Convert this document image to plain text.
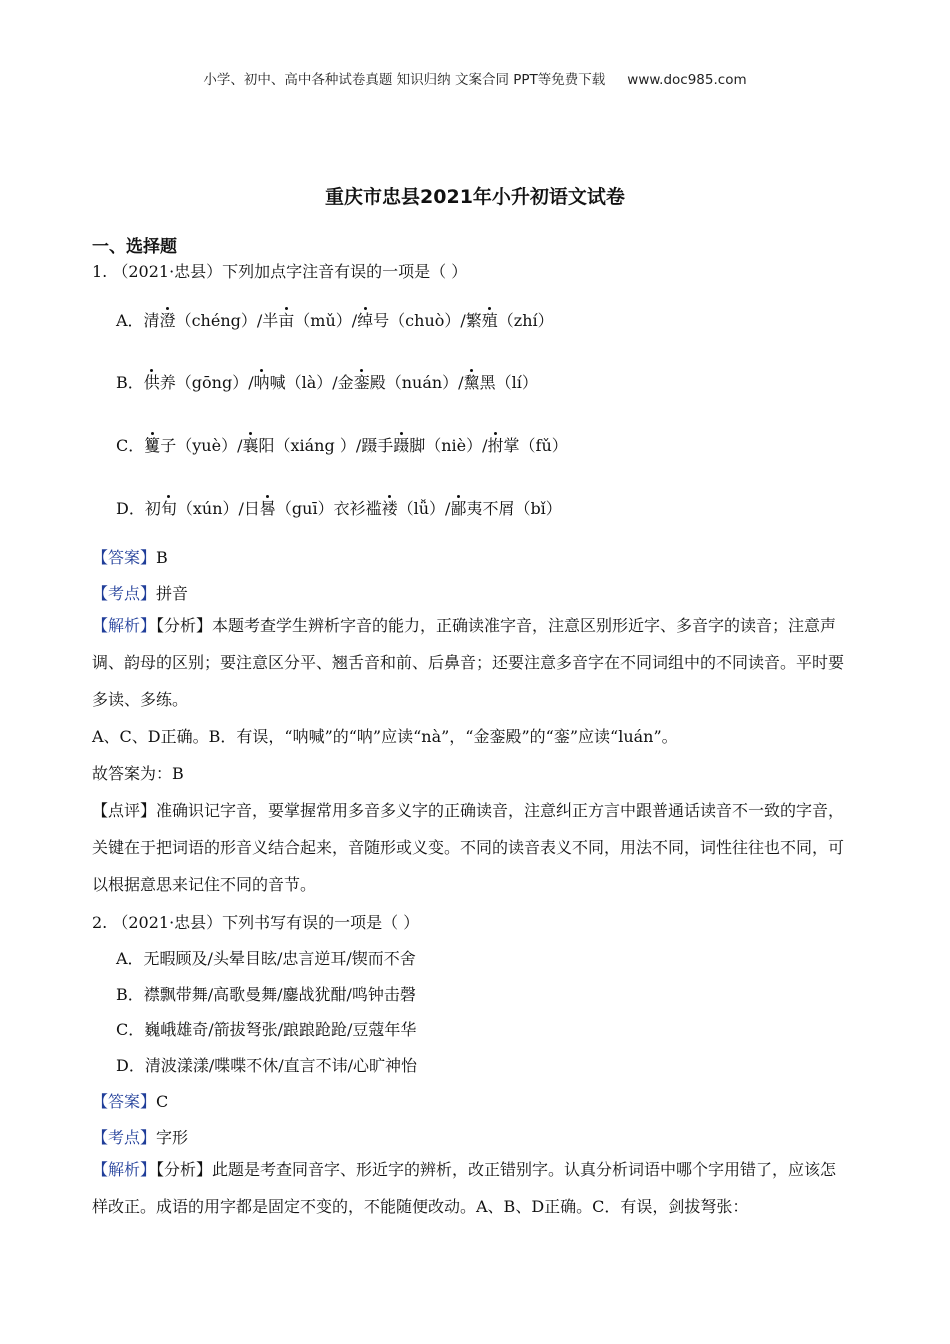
小学、初中、高中各种试卷真题 知识归纳 文案合同 PPT等免费下载 www.doc985.com
重庆市忠县2021年小升初语文试卷
一、选择题
1. （2021·忠县）下列加点字注音有误的一项是（ ）
A．清澄（chéng）/半亩（mǔ）/绰号（chuò）/繁殖（zhí）
B．供养（gōng）/呐喊（là）/金銮殿（nuán）/黧黑（lí）
C．籰子（yuè）/襄阳（xiáng ）/蹑手蹑脚（niè）/拊掌（fǔ）
D．初旬（xún）/日晷（guī）衣衫褴褛（lǚ）/鄙夷不屑（bǐ）
【答案】B
【考点】拼音
【解析】【分析】本题考查学生辨析字音的能力，正确读准字音，注意区别形近字、多音字的读音；注意声调、韵母的区别；要注意区分平、翘舌音和前、后鼻音；还要注意多音字在不同词组中的不同读音。平时要多读、多练。
A、C、D正确。B．有误，“呐喊”的“呐”应读“nà”，“金銮殿”的“銮”应读“luán”。
故答案为：B
【点评】准确识记字音，要掌握常用多音多义字的正确读音，注意纠正方言中跟普通话读音不一致的字音，关键在于把词语的形音义结合起来，音随形或义变。不同的读音表义不同，用法不同，词性往往也不同，可以根据意思来记住不同的音节。
2. （2021·忠县）下列书写有误的一项是（ ）
A．无暇顾及/头晕目眩/忠言逆耳/锲而不舍
B．襟飘带舞/高歌曼舞/鏖战犹酣/鸣钟击磬
C．巍峨雄奇/箭拔弩张/踉踉跄跄/豆蔻年华
D．清波漾漾/喋喋不休/直言不讳/心旷神怡
【答案】C
【考点】字形
【解析】【分析】此题是考查同音字、形近字的辨析，改正错别字。认真分析词语中哪个字用错了，应该怎样改正。成语的用字都是固定不变的，不能随便改动。A、B、D正确。C．有误，剑拔弩张：
